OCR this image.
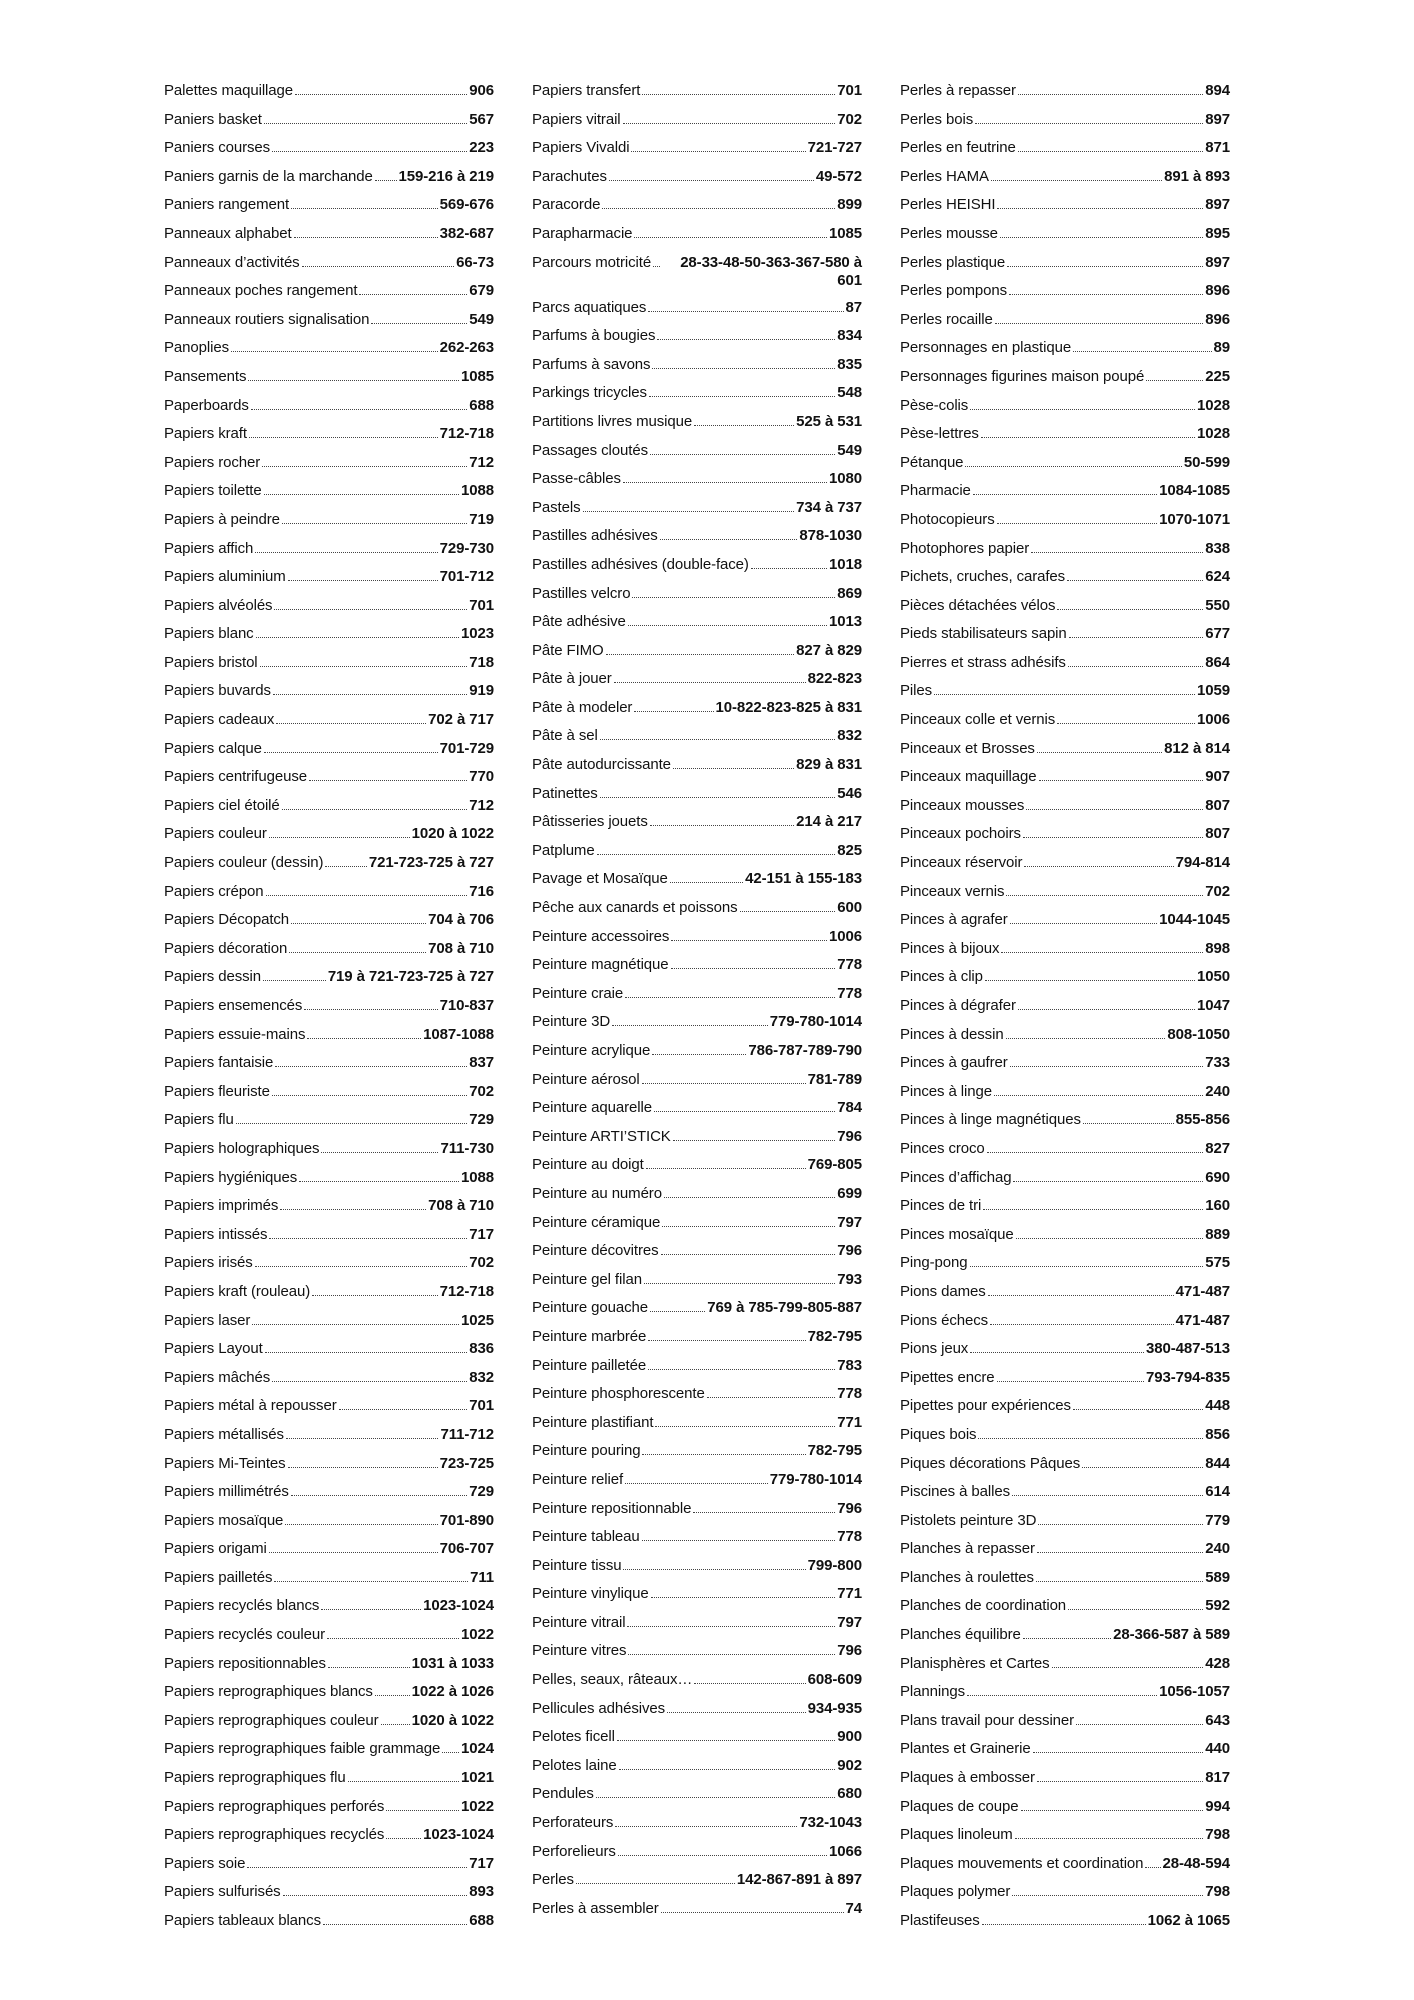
Palettes maquillage	906
Paniers basket	567
Paniers courses	223
Paniers garnis de la marchande 159-216 à 219
Paniers rangement	569-676
Panneaux alphabet	382-687
Panneaux d’activités	66-73
Panneaux poches rangement	679
Panneaux routiers signalisation	549
Panoplies	262-263
Pansements	1085
Paperboards	688
Papiers kraft	712-718
Papiers rocher	712
Papiers toilette	1088
Papiers à peindre	719
Papiers affich	729-730
Papiers aluminium	701-712
Papiers alvéolés	701
Papiers blanc	1023
Papiers bristol	718
Papiers buvards	919
Papiers cadeaux	702 à 717
Papiers calque	701-729
Papiers centrifugeuse	770
Papiers ciel étoilé	712
Papiers couleur	1020 à 1022
Papiers couleur (dessin)	721-723-725 à 727
Papiers crépon	716
Papiers Décopatch	704 à 706
Papiers décoration	708 à 710
Papiers dessin	719 à 721-723-725 à 727
Papiers ensemencés	710-837
Papiers essuie-mains	1087-1088
Papiers fantaisie	837
Papiers fleuriste	702
Papiers flu	729
Papiers holographiques	711-730
Papiers hygiéniques	1088
Papiers imprimés	708 à 710
Papiers intissés	717
Papiers irisés	702
Papiers kraft (rouleau)	712-718
Papiers laser	1025
Papiers Layout	836
Papiers mâchés	832
Papiers métal à repousser	701
Papiers métallisés	711-712
Papiers Mi-Teintes	723-725
Papiers millimétrés	729
Papiers mosaïque	701-890
Papiers origami	706-707
Papiers pailletés	711
Papiers recyclés blancs	1023-1024
Papiers recyclés couleur	1022
Papiers repositionnables	1031 à 1033
Papiers reprographiques blancs	1022 à 1026
Papiers reprographiques couleur 1020 à 1022
Papiers reprographiques faible grammage 1024
Papiers reprographiques flu	1021
Papiers reprographiques perforés	1022
Papiers reprographiques recyclés	1023-1024
Papiers soie	717
Papiers sulfurisés	893
Papiers tableaux blancs	688
Papiers transfert	701
Papiers vitrail	702
Papiers Vivaldi	721-727
Parachutes	49-572
Paracorde	899
Parapharmacie	1085
Parcours motricité	28-33-48-50-363-367-580 à 601
Parcs aquatiques	87
Parfums à bougies	834
Parfums à savons	835
Parkings tricycles	548
Partitions livres musique	525 à 531
Passages cloutés	549
Passe-câbles	1080
Pastels	734 à 737
Pastilles adhésives	878-1030
Pastilles adhésives (double-face)	1018
Pastilles velcro	869
Pâte adhésive	1013
Pâte FIMO	827 à 829
Pâte à jouer	822-823
Pâte à modeler	10-822-823-825 à 831
Pâte à sel	832
Pâte autodurcissante	829 à 831
Patinettes	546
Pâtisseries jouets	214 à 217
Patplume	825
Pavage et Mosaïque	42-151 à 155-183
Pêche aux canards et poissons	600
Peinture accessoires	1006
Peinture magnétique	778
Peinture craie	778
Peinture 3D	779-780-1014
Peinture acrylique	786-787-789-790
Peinture aérosol	781-789
Peinture aquarelle	784
Peinture ARTI’STICK	796
Peinture au doigt	769-805
Peinture au numéro	699
Peinture céramique	797
Peinture décovitres	796
Peinture gel filan	793
Peinture gouache	769 à 785-799-805-887
Peinture marbrée	782-795
Peinture pailletée	783
Peinture phosphorescente	778
Peinture plastifiant	771
Peinture pouring	782-795
Peinture relief	779-780-1014
Peinture repositionnable	796
Peinture tableau	778
Peinture tissu	799-800
Peinture vinylique	771
Peinture vitrail	797
Peinture vitres	796
Pelles, seaux, râteaux…	608-609
Pellicules adhésives	934-935
Pelotes ficell	900
Pelotes laine	902
Pendules	680
Perforateurs	732-1043
Perforelieurs	1066
Perles	142-867-891 à 897
Perles à assembler	74
Perles à repasser	894
Perles bois	897
Perles en feutrine	871
Perles HAMA	891 à 893
Perles HEISHI	897
Perles mousse	895
Perles plastique	897
Perles pompons	896
Perles rocaille	896
Personnages en plastique	89
Personnages figurines maison poupé	225
Pèse-colis	1028
Pèse-lettres	1028
Pétanque	50-599
Pharmacie	1084-1085
Photocopieurs	1070-1071
Photophores papier	838
Pichets, cruches, carafes	624
Pièces détachées vélos	550
Pieds stabilisateurs sapin	677
Pierres et strass adhésifs	864
Piles	1059
Pinceaux colle et vernis	1006
Pinceaux et Brosses	812 à 814
Pinceaux maquillage	907
Pinceaux mousses	807
Pinceaux pochoirs	807
Pinceaux réservoir	794-814
Pinceaux vernis	702
Pinces à agrafer	1044-1045
Pinces à bijoux	898
Pinces à clip	1050
Pinces à dégrafer	1047
Pinces à dessin	808-1050
Pinces à gaufrer	733
Pinces à linge	240
Pinces à linge magnétiques	855-856
Pinces croco	827
Pinces d’affichag	690
Pinces de tri	160
Pinces mosaïque	889
Ping-pong	575
Pions dames	471-487
Pions échecs	471-487
Pions jeux	380-487-513
Pipettes encre	793-794-835
Pipettes pour expériences	448
Piques bois	856
Piques décorations Pâques	844
Piscines à balles	614
Pistolets peinture 3D	779
Planches à repasser	240
Planches à roulettes	589
Planches de coordination	592
Planches équilibre	28-366-587 à 589
Planisphères et Cartes	428
Plannings	1056-1057
Plans travail pour dessiner	643
Plantes et Grainerie	440
Plaques à embosser	817
Plaques de coupe	994
Plaques linoleum	798
Plaques mouvements et coordination 28-48-594
Plaques polymer	798
Plastifeuses	1062 à 1065
